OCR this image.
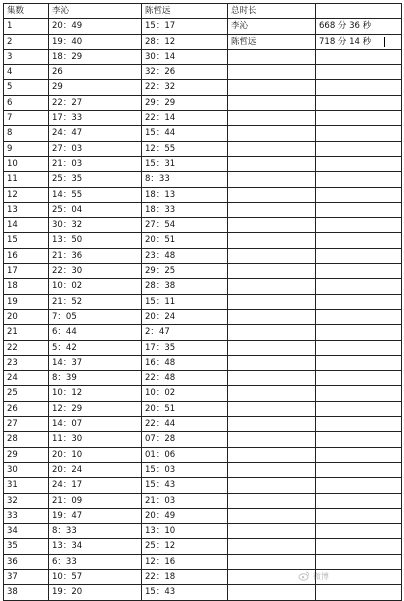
集数	李沁	陈哲远	总时长	
1	20：49	15：17	李沁	668 分 36 秒
2	19：40	28：12	陈哲远	718 分 14 秒

3	18：29	30：14		
4	26	32：26		
5	29	22：32		
6	22：27	29：29		
7	17：33	22：14		
8	24：47	15：44		
9	27：03	12：55		
10	21：03	15：31		
11	25：35	8：33		
12	14：55	18：13		
13	25：04	18：33		
14	30：32	27：54		
15	13：50	20：51		
16	21：36	23：48		
17	22：30	29：25		
18	10：02	28：38		
19	21：52	15：11		
20	7：05	20：24		
21	6：44	2：47		
22	5：42	17：35		
23	14：37	16：48		
24	8：39	22：48		
25	10：12	10：02		
26	12：29	20：51		
27	14：07	22：44		
28	11：30	07：28		
29	20：10	01：06		
30	20：24	15：03		
31	24：17	15：43		
32	21：09	21：03		
33	19：47	20：49		
34	8：33	13：10		
35	13：34	25：12		
36	6：33	12：16		
37	10：57	22：18		
38	19：20	15：43		
微博
